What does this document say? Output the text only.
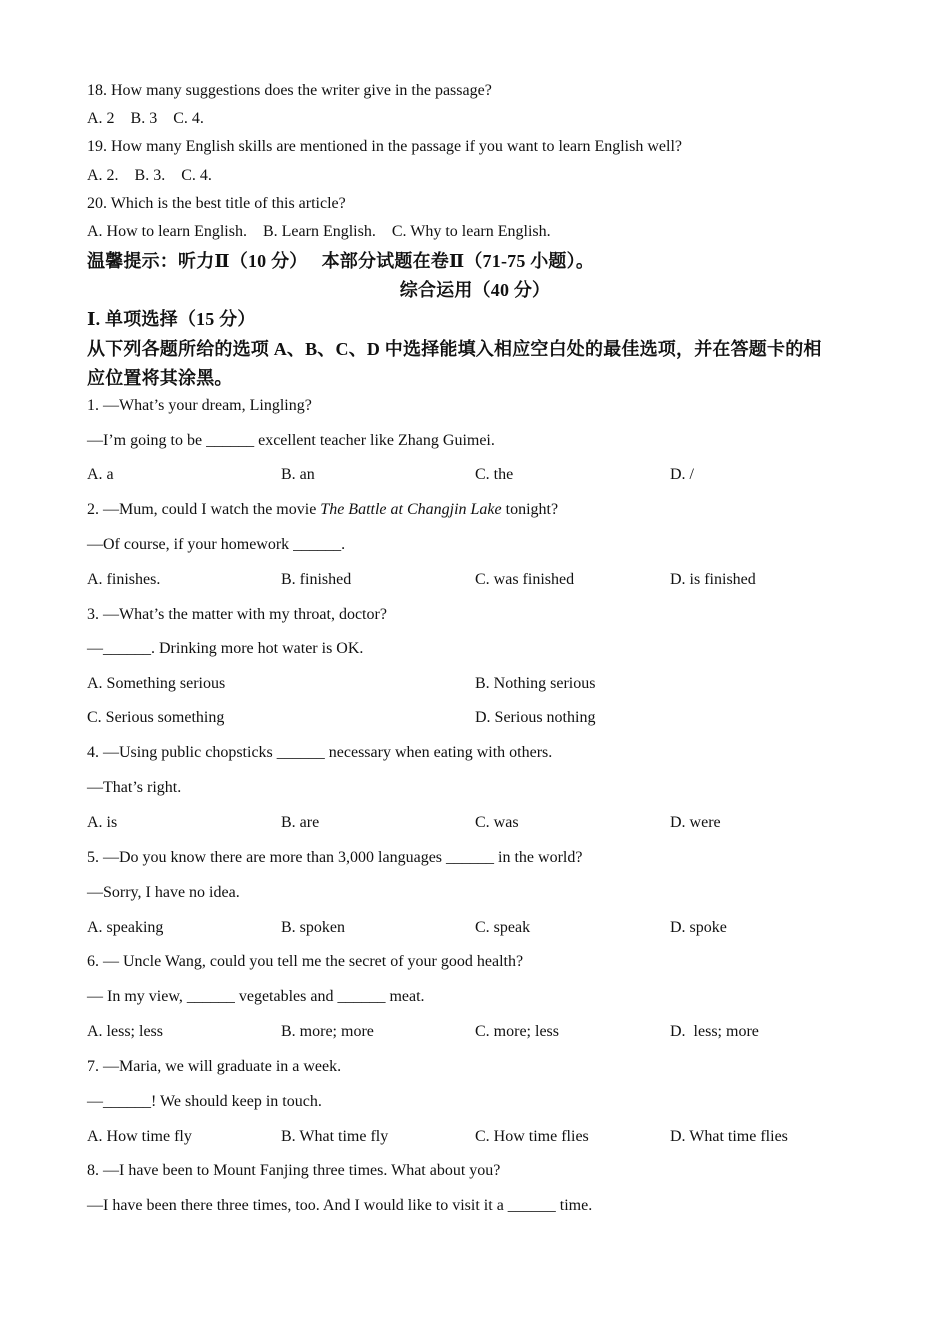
18. How many suggestions does the writer give in the passage?

A. 2    B. 3    C. 4.

19. How many English skills are mentioned in the passage if you want to learn English well?

A. 2.    B. 3.    C. 4.

20. Which is the best title of this article?

A. How to learn English.    B. Learn English.    C. Why to learn English.

温馨提示：听力Ⅱ（10 分）   本部分试题在卷Ⅱ（71-75 小题）。

综合运用（40 分）

Ⅰ. 单项选择（15 分）

从下列各题所给的选项 A、B、C、D 中选择能填入相应空白处的最佳选项，并在答题卡的相

应位置将其涂黑。

1. —What’s your dream, Lingling?

—I’m going to be ______ excellent teacher like Zhang Guimei.

A. a	B. an	C. the	D. /

2. —Mum, could I watch the movie The Battle at Changjin Lake tonight?

—Of course, if your homework ______.

A. finishes.	B. finished	C. was finished	D. is finished

3. —What’s the matter with my throat, doctor?

—______. Drinking more hot water is OK.

A. Something serious	B. Nothing serious
C. Serious something	D. Serious nothing

4. —Using public chopsticks ______ necessary when eating with others.

—That’s right.

A. is	B. are	C. was	D. were

5. —Do you know there are more than 3,000 languages ______ in the world?

—Sorry, I have no idea.

A. speaking	B. spoken	C. speak	D. spoke

6. — Uncle Wang, could you tell me the secret of your good health?

— In my view, ______ vegetables and ______ meat.

A. less; less	B. more; more	C. more; less	D.  less; more

7. —Maria, we will graduate in a week.

—______! We should keep in touch.

A. How time fly	B. What time fly	C. How time flies	D. What time flies

8. —I have been to Mount Fanjing three times. What about you?

—I have been there three times, too. And I would like to visit it a ______ time.
